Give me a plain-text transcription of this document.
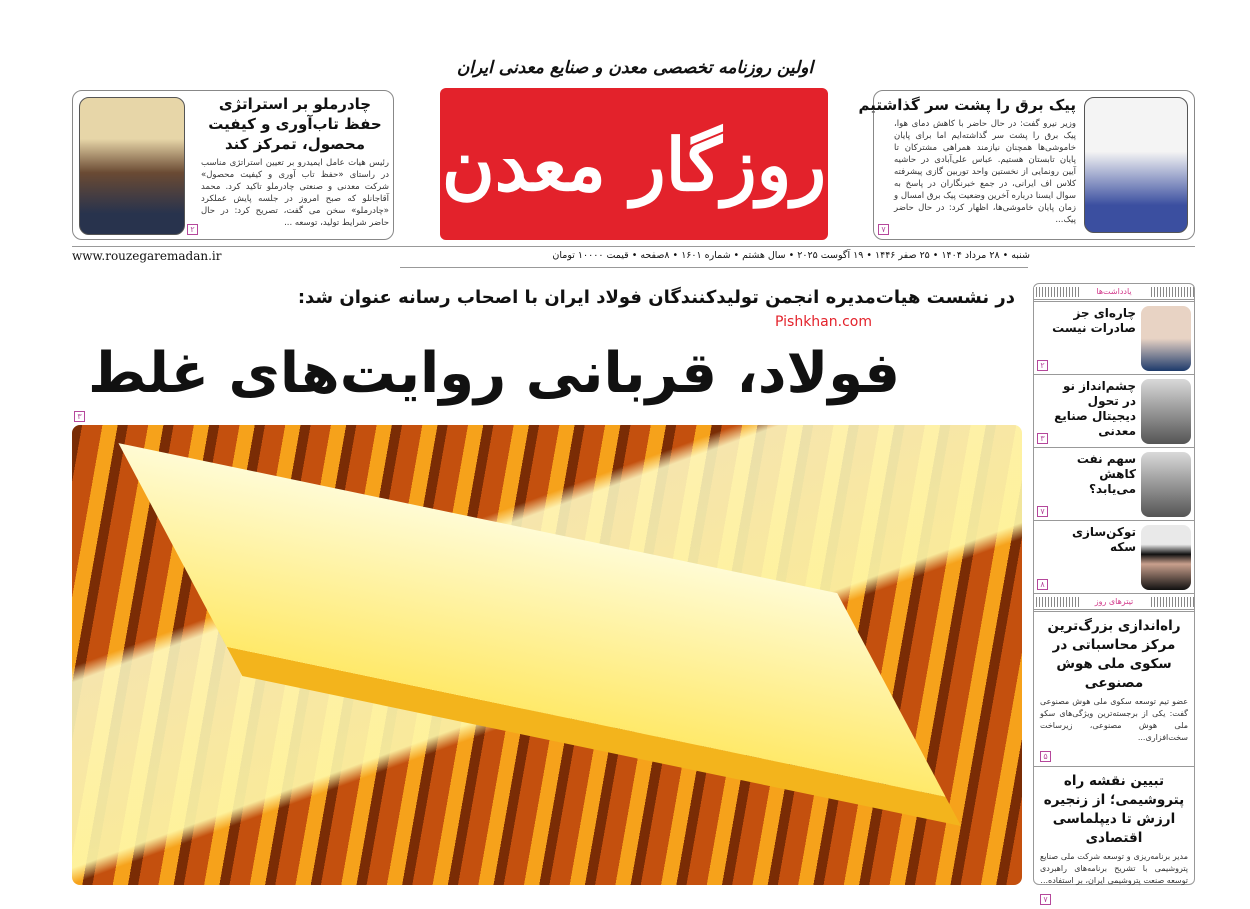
اولین روزنامه تخصصی معدن و صنایع معدنی ایران
روزگار معدن
پیک برق را پشت سر گذاشتیم

وزیر نیرو گفت: در حال حاضر با کاهش دمای هوا، پیک برق را پشت سر گذاشته‌ایم اما برای پایان خاموشی‌ها همچنان نیازمند همراهی مشترکان تا پایان تابستان هستیم. عباس علی‌آبادی در حاشیه آیین رونمایی از نخستین واحد توربین گازی پیشرفته کلاس اف ایرانی، در جمع خبرنگاران در پاسخ به سوال ایسنا درباره آخرین وضعیت پیک برق امسال و زمان پایان خاموشی‌ها، اظهار کرد: در حال حاضر پیک...

۷
چادرملو بر استراتژی حفظ تاب‌آوری و کیفیت محصول، تمرکز کند

رئیس هیات عامل ایمیدرو بر تعیین استراتژی مناسب در راستای «حفظ تاب آوری و کیفیت محصول» شرکت معدنی و صنعتی چادرملو تاکید کرد. محمد آقاجانلو که صبح امروز در جلسه پایش عملکرد «چادرملو» سخن می گفت، تصریح کرد: در حال حاضر شرایط تولید، توسعه ...

۲
www.rouzegaremadan.ir	شنبه • ۲۸ مرداد ۱۴۰۴ • ۲۵ صفر ۱۴۴۶ • ۱۹ آگوست ۲۰۲۵ • سال هشتم • شماره ۱۶۰۱ • ۸صفحه • قیمت ۱۰۰۰۰ تومان
در نشست هیات‌مدیره انجمن تولیدکنندگان فولاد ایران با اصحاب رسانه عنوان شد:
Pishkhan.com
فولاد، قربانی روایت‌های غلط
۳
یادداشت‌ها
چاره‌ای جز صادرات نیست
۲
چشم‌انداز نو در تحول دیجیتال صنایع معدنی
۳
سهم نفت کاهش می‌یابد؟
۷
توکن‌سازی سکه
۸
تیترهای روز
راه‌اندازی بزرگ‌ترین مرکز محاسباتی در سکوی ملی هوش مصنوعی

عضو تیم توسعه سکوی ملی هوش مصنوعی گفت: یکی از برجسته‌ترین ویژگی‌های سکو ملی هوش مصنوعی، زیرساخت سخت‌افزاری...

۵
تبیین نقشه راه پتروشیمی؛ از زنجیره ارزش تا دیپلماسی اقتصادی

مدیر برنامه‌ریزی و توسعه شرکت ملی صنایع پتروشیمی با تشریح برنامه‌های راهبردی توسعه صنعت پتروشیمی ایران، بر استفاده...

۷
